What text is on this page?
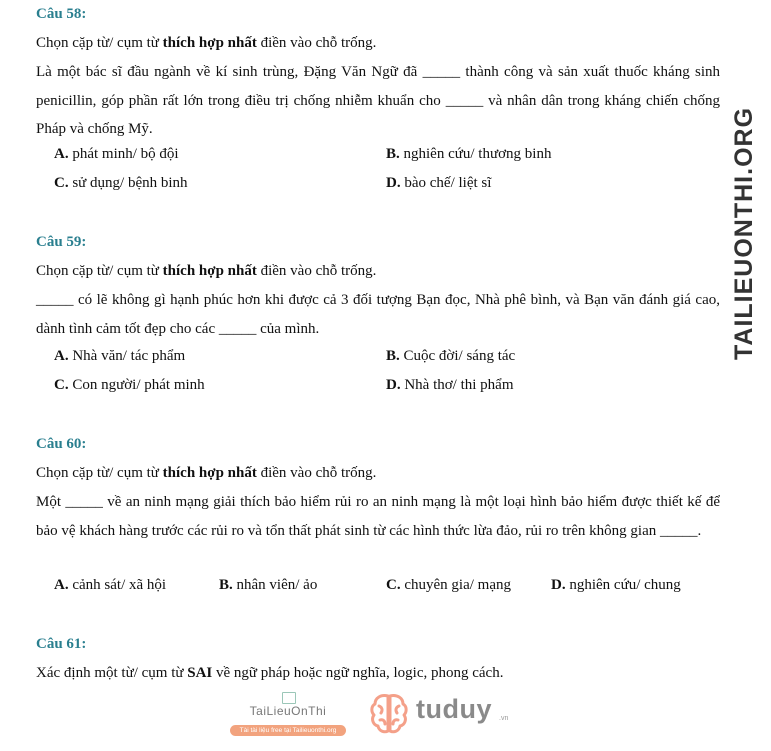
Câu 58:
Chọn cặp từ/ cụm từ thích hợp nhất điền vào chỗ trống.
Là một bác sĩ đầu ngành về kí sinh trùng, Đặng Văn Ngữ đã _____ thành công và sản xuất thuốc kháng sinh penicillin, góp phần rất lớn trong điều trị chống nhiễm khuẩn cho _____ và nhân dân trong kháng chiến chống Pháp và chống Mỹ.
A. phát minh/ bộ đội	B. nghiên cứu/ thương binh
C. sử dụng/ bệnh binh	D. bào chế/ liệt sĩ
Câu 59:
Chọn cặp từ/ cụm từ thích hợp nhất điền vào chỗ trống.
_____ có lẽ không gì hạnh phúc hơn khi được cả 3 đối tượng Bạn đọc, Nhà phê bình, và Bạn văn đánh giá cao, dành tình cảm tốt đẹp cho các _____ của mình.
A. Nhà văn/ tác phẩm	B. Cuộc đời/ sáng tác
C. Con người/ phát minh	D. Nhà thơ/ thi phẩm
Câu 60:
Chọn cặp từ/ cụm từ thích hợp nhất điền vào chỗ trống.
Một _____ về an ninh mạng giải thích bảo hiểm rủi ro an ninh mạng là một loại hình bảo hiểm được thiết kế để bảo vệ khách hàng trước các rủi ro và tổn thất phát sinh từ các hình thức lừa đảo, rủi ro trên không gian _____.
A. cảnh sát/ xã hội	B. nhân viên/ ảo	C. chuyên gia/ mạng	D. nghiên cứu/ chung
Câu 61:
Xác định một từ/ cụm từ SAI về ngữ pháp hoặc ngữ nghĩa, logic, phong cách.
TAILIEUONTHI.ORG
TaiLieuOnThi
Tài tài liệu free tại Tailieuonthi.org
tuduy .vn
